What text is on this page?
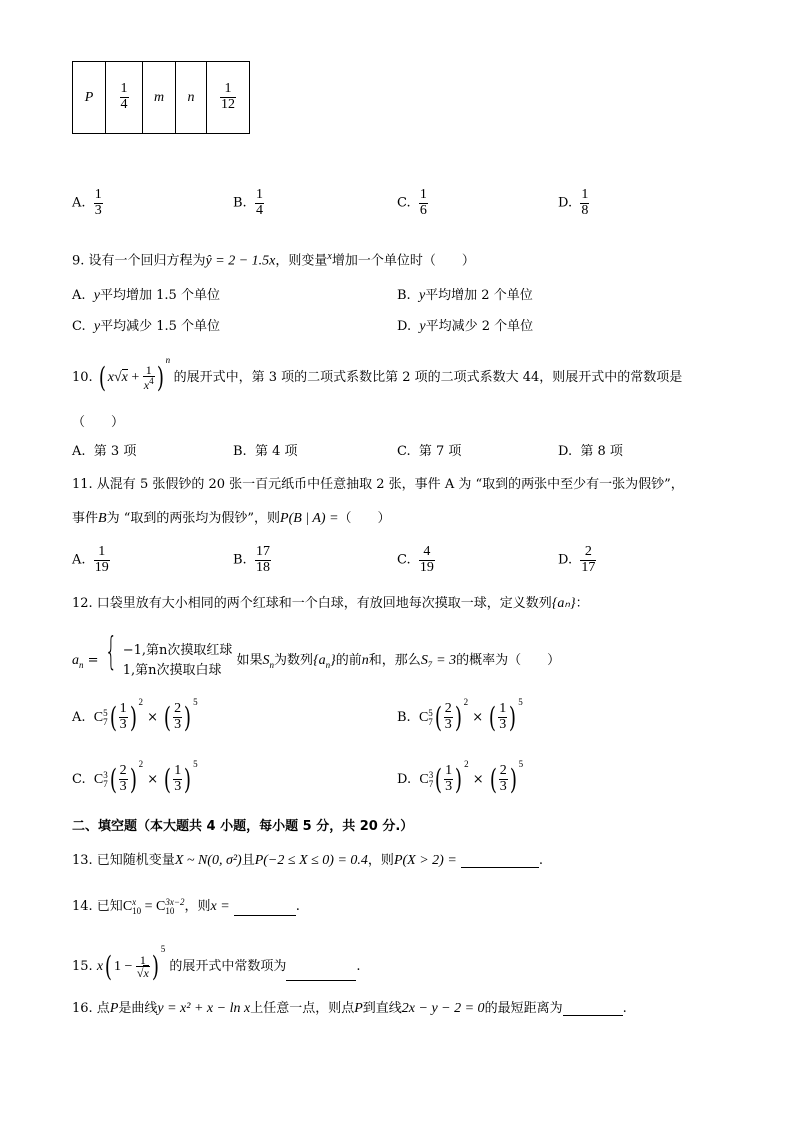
P	$\frac{1}{4}$	m	n	$\frac{1}{12}$
A. $\frac{1}{3}$	B. $\frac{1}{4}$	C. $\frac{1}{6}$	D. $\frac{1}{8}$
9. 设有一个回归方程为ŷ = 2 − 1.5x，则变量$^x$增加一个单位时（　　）
A. y平均增加 1.5 个单位	B. y平均增加 2 个单位
C. y平均减少 1.5 个单位	D. y平均减少 2 个单位
10. ( $x√x + \frac{1}{x^4} )^n$ 的展开式中，第 3 项的二项式系数比第 2 项的二项式系数大 44，则展开式中的常数项是
（　　）
A. 第 3 项	B. 第 4 项	C. 第 7 项	D. 第 8 项
11. 从混有 5 张假钞的 20 张一百元纸币中任意抽取 2 张，事件 A 为 “取到的两张中至少有一张为假钞”，
事件B为 “取到的两张均为假钞”，则P(B | A) =（　　）
A. $\frac{1}{19}$	B. $\frac{17}{18}$	C. $\frac{4}{19}$	D. $\frac{2}{17}$
12. 口袋里放有大小相同的两个红球和一个白球，有放回地每次摸取一球，定义数列{aₙ}：
$a_n$ = { −1,第n次摸取红球
1,第n次摸取白球
如果$S_n$为数列$\{a_n\}$的前n和，那么S₇ = 3的概率为（　　）
A. C 5
7 ( $\frac{1}{3}$ ) $^2$ × ( $\frac{2}{3}$ ) $^5$
B. C 5
7 ( $\frac{2}{3}$ ) $^2$ × ( $\frac{1}{3}$ ) $^5$
C. C 3
7 ( $\frac{2}{3}$ ) $^2$ × ( $\frac{1}{3}$ ) $^5$
D. C 3
7 ( $\frac{1}{3}$ ) $^2$ × ( $\frac{2}{3}$ ) $^5$
二、填空题（本大题共 4 小题，每小题 5 分，共 20 分.）
13. 已知随机变量X ~ N(0, σ²)且P(−2 ≤ X ≤ 0) = 0.4，则P(X > 2) =	.
14. 已知C x
10 = C 3x−2
10 ，则x =	.
15. x( $1 - \frac{1}{√x} )^5$ 的展开式中常数项为	.
16. 点P是曲线y = x² + x − ln x上任意一点，则点P到直线2x − y − 2 = 0的最短距离为	.
